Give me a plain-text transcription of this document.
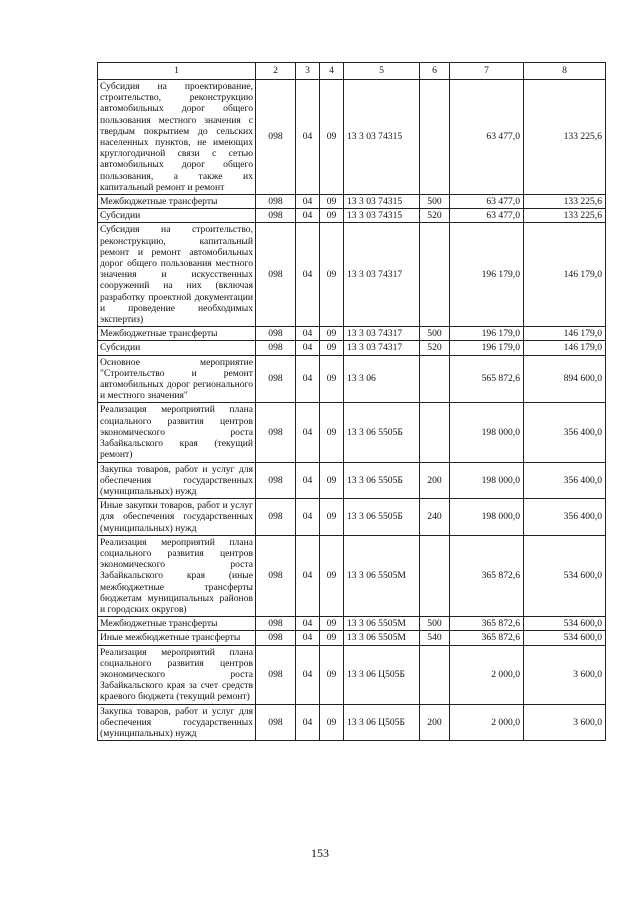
1	2	3	4	5	6	7	8
Субсидия на проектирование, строительство, реконструкцию автомобильных дорог общего пользования местного значения с твердым покрытием до сельских населенных пунктов, не имеющих круглогодичной связи с сетью автомобильных дорог общего пользования, а также их капитальный ремонт и ремонт	098	04	09	13 3 03 74315		63 477,0	133 225,6
Межбюджетные трансферты	098	04	09	13 3 03 74315	500	63 477,0	133 225,6
Субсидии	098	04	09	13 3 03 74315	520	63 477,0	133 225,6
Субсидия на строительство, реконструкцию, капитальный ремонт и ремонт автомобильных дорог общего пользования местного значения и искусственных сооружений на них (включая разработку проектной документации и проведение необходимых экспертиз)	098	04	09	13 3 03 74317		196 179,0	146 179,0
Межбюджетные трансферты	098	04	09	13 3 03 74317	500	196 179,0	146 179,0
Субсидии	098	04	09	13 3 03 74317	520	196 179,0	146 179,0
Основное мероприятие "Строительство и ремонт автомобильных дорог регионального и местного значения"	098	04	09	13 3 06		565 872,6	894 600,0
Реализация мероприятий плана социального развития центров экономического роста Забайкальского края (текущий ремонт)	098	04	09	13 3 06 5505Б		198 000,0	356 400,0
Закупка товаров, работ и услуг для обеспечения государственных (муниципальных) нужд	098	04	09	13 3 06 5505Б	200	198 000,0	356 400,0
Иные закупки товаров, работ и услуг для обеспечения государственных (муниципальных) нужд	098	04	09	13 3 06 5505Б	240	198 000,0	356 400,0
Реализация мероприятий плана социального развития центров экономического роста Забайкальского края (иные межбюджетные трансферты бюджетам муниципальных районов и городских округов)	098	04	09	13 3 06 5505М		365 872,6	534 600,0
Межбюджетные трансферты	098	04	09	13 3 06 5505М	500	365 872,6	534 600,0
Иные межбюджетные трансферты	098	04	09	13 3 06 5505М	540	365 872,6	534 600,0
Реализация мероприятий плана социального развития центров экономического роста Забайкальского края за счет средств краевого бюджета (текущий ремонт)	098	04	09	13 3 06 Ц505Б		2 000,0	3 600,0
Закупка товаров, работ и услуг для обеспечения государственных (муниципальных) нужд	098	04	09	13 3 06 Ц505Б	200	2 000,0	3 600,0
153
